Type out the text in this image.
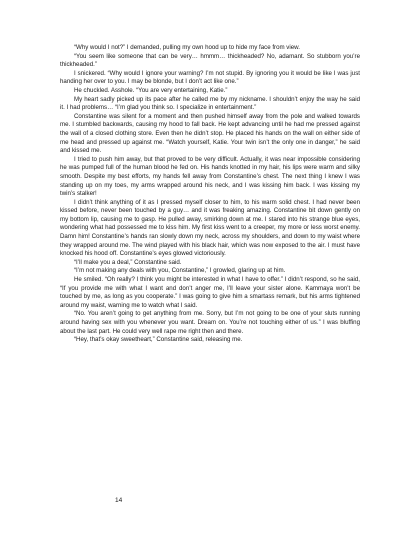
“Why would I not?” I demanded, pulling my own hood up to hide my face from view.

“You seem like someone that can be very… hmmm… thickheaded? No, adamant. So stubborn you’re thickheaded.”

I snickered. “Why would I ignore your warning? I’m not stupid. By ignoring you it would be like I was just handing her over to you. I may be blonde, but I don’t act like one.”

He chuckled. Asshole. “You are very entertaining, Katie.”

My heart sadly picked up its pace after he called me by my nickname. I shouldn’t enjoy the way he said it. I had problems… “I’m glad you think so. I specialize in entertainment.”

Constantine was silent for a moment and then pushed himself away from the pole and walked towards me. I stumbled backwards, causing my hood to fall back. He kept advancing until he had me pressed against the wall of a closed clothing store. Even then he didn’t stop. He placed his hands on the wall on either side of me head and pressed up against me. “Watch yourself, Katie. Your twin isn’t the only one in danger,” he said and kissed me.

I tried to push him away, but that proved to be very difficult. Actually, it was near impossible considering he was pumped full of the human blood he fed on. His hands knotted in my hair, his lips were warm and silky smooth. Despite my best efforts, my hands fell away from Constantine’s chest. The next thing I knew I was standing up on my toes, my arms wrapped around his neck, and I was kissing him back. I was kissing my twin’s stalker!

I didn’t think anything of it as I pressed myself closer to him, to his warm solid chest. I had never been kissed before, never been touched by a guy… and it was freaking amazing. Constantine bit down gently on my bottom lip, causing me to gasp. He pulled away, smirking down at me. I stared into his strange blue eyes, wondering what had possessed me to kiss him. My first kiss went to a creeper, my more or less worst enemy. Damn him! Constantine’s hands ran slowly down my neck, across my shoulders, and down to my waist where they wrapped around me. The wind played with his black hair, which was now exposed to the air. I must have knocked his hood off. Constantine’s eyes glowed victoriously.

“I’ll make you a deal,” Constantine said.

“I’m not making any deals with you, Constantine,” I growled, glaring up at him.

He smiled. “Oh really? I think you might be interested in what I have to offer.” I didn’t respond, so he said, “If you provide me with what I want and don’t anger me, I’ll leave your sister alone. Kammaya won’t be touched by me, as long as you cooperate.” I was going to give him a smartass remark, but his arms tightened around my waist, warning me to watch what I said.

“No. You aren’t going to get anything from me. Sorry, but I’m not going to be one of your sluts running around having sex with you whenever you want. Dream on. You’re not touching either of us.” I was bluffing about the last part. He could very well rape me right then and there.

“Hey, that’s okay sweetheart,” Constantine said, releasing me.

14
